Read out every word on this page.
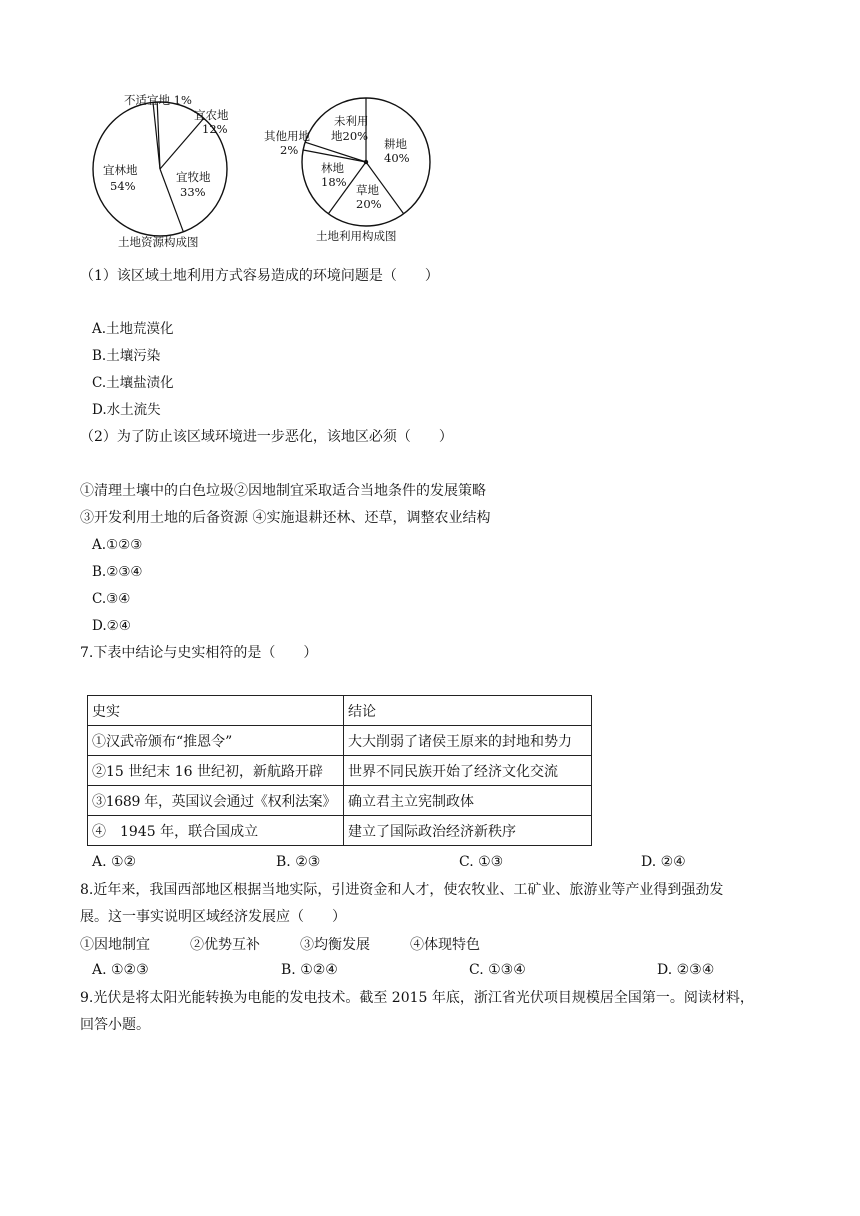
不适宜地 1%
宜农地
12%
宜林地
54%
宜牧地
33%
土地资源构成图
其他用地
2%
未利用
地20%
耕地
40%
林地
18%
草地
20%
土地利用构成图
（1）该区域土地利用方式容易造成的环境问题是（　　）
A.土地荒漠化
B.土壤污染
C.土壤盐渍化
D.水土流失
（2）为了防止该区域环境进一步恶化，该地区必须（　　）
①清理土壤中的白色垃圾②因地制宜采取适合当地条件的发展策略
③开发利用土地的后备资源 ④实施退耕还林、还草，调整农业结构
A.①②③
B.②③④
C.③④
D.②④
7.下表中结论与史实相符的是（　　）
史实	结论
①汉武帝颁布“推恩令”	大大削弱了诸侯王原来的封地和势力
②15 世纪末 16 世纪初，新航路开辟	世界不同民族开始了经济文化交流
③1689 年，英国议会通过《权利法案》	确立君主立宪制政体
④　1945 年，联合国成立	建立了国际政治经济新秩序
A. ①②	B. ②③	C. ①③	D. ②④
8.近年来，我国西部地区根据当地实际，引进资金和人才，使农牧业、工矿业、旅游业等产业得到强劲发
展。这一事实说明区域经济发展应（　　）
①因地制宜	②优势互补	③均衡发展	④体现特色
A. ①②③	B. ①②④	C. ①③④	D. ②③④
9.光伏是将太阳光能转换为电能的发电技术。截至 2015 年底，浙江省光伏项目规模居全国第一。阅读材料，
回答小题。
